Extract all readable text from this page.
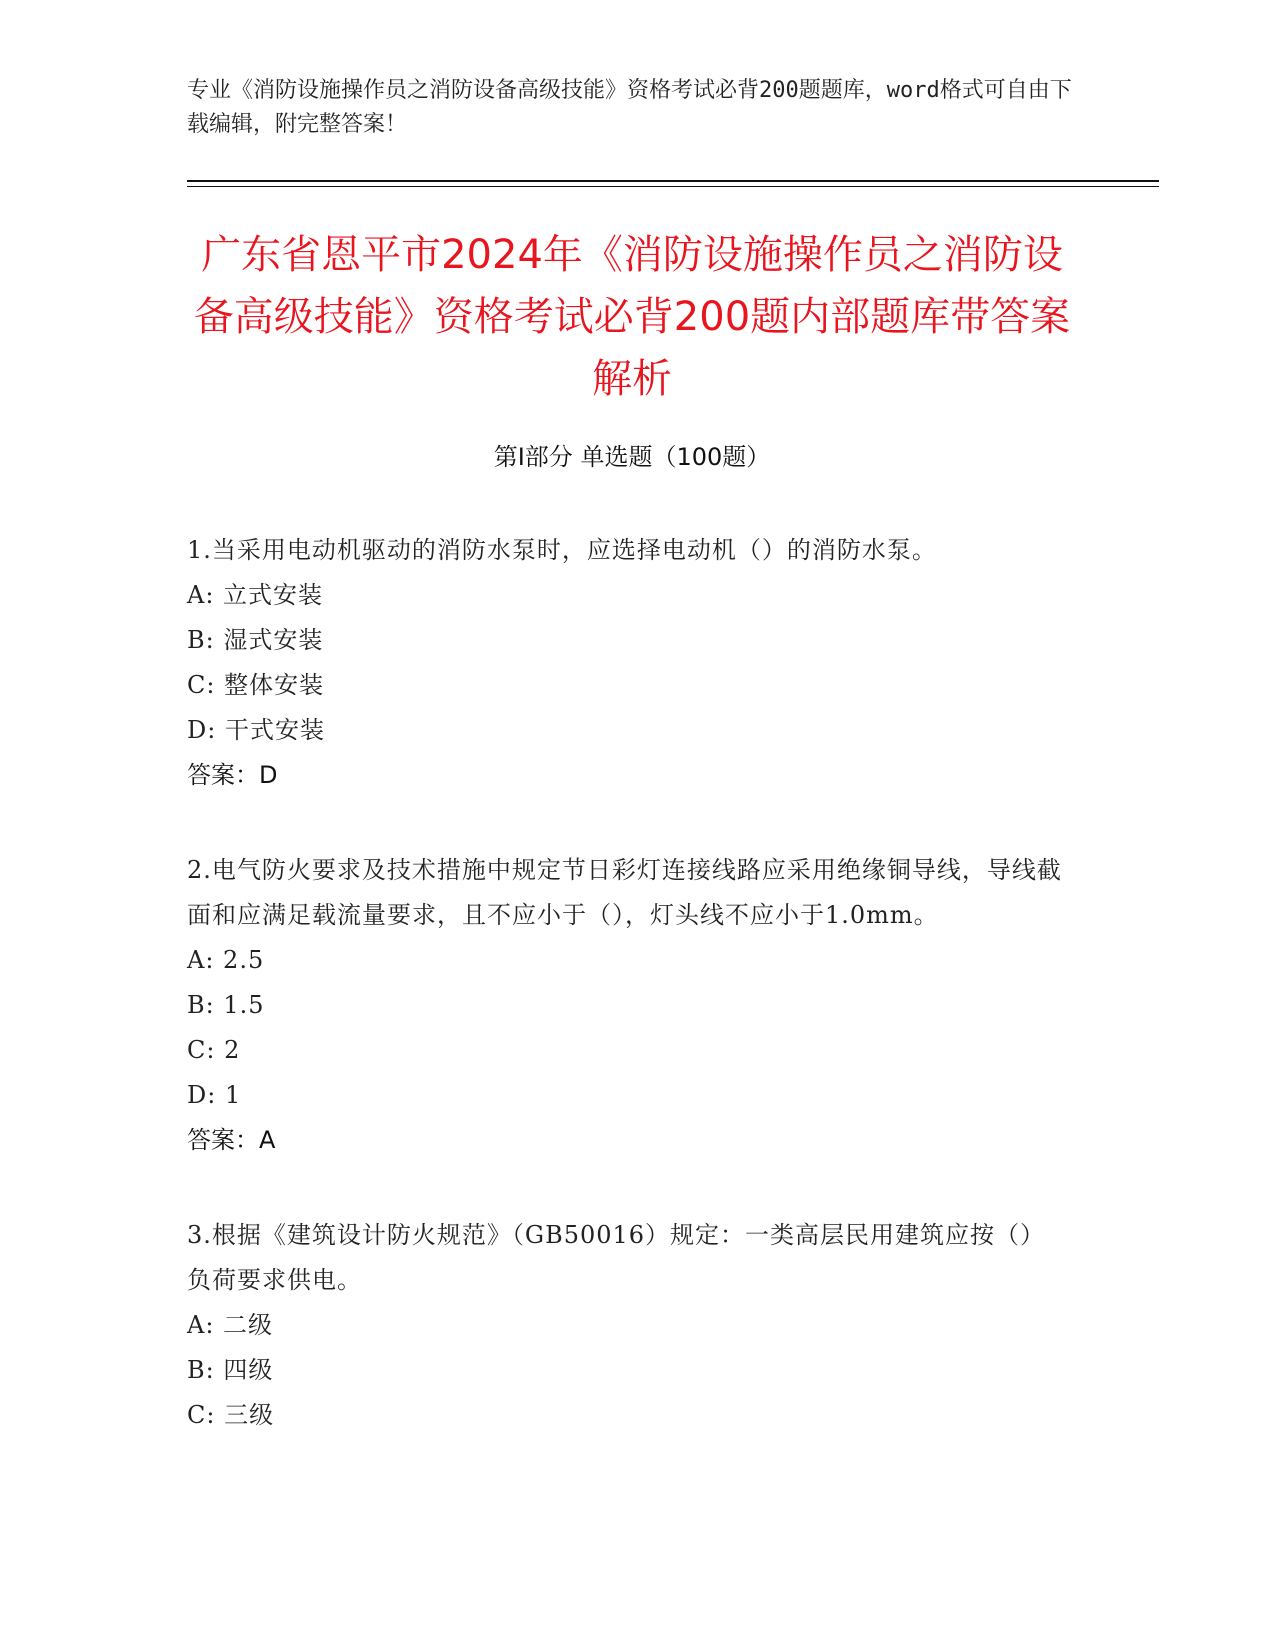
专业《消防设施操作员之消防设备高级技能》资格考试必背200题题库，word格式可自由下载编辑，附完整答案！
广东省恩平市2024年《消防设施操作员之消防设备高级技能》资格考试必背200题内部题库带答案解析
第I部分 单选题（100题）
1.当采用电动机驱动的消防水泵时，应选择电动机（）的消防水泵。
A: 立式安装
B: 湿式安装
C: 整体安装
D: 干式安装
答案：D
2.电气防火要求及技术措施中规定节日彩灯连接线路应采用绝缘铜导线，导线截面和应满足载流量要求，且不应小于（），灯头线不应小于1.0mm。
A: 2.5
B: 1.5
C: 2
D: 1
答案：A
3.根据《建筑设计防火规范》（GB50016）规定：一类高层民用建筑应按（）负荷要求供电。
A: 二级
B: 四级
C: 三级
